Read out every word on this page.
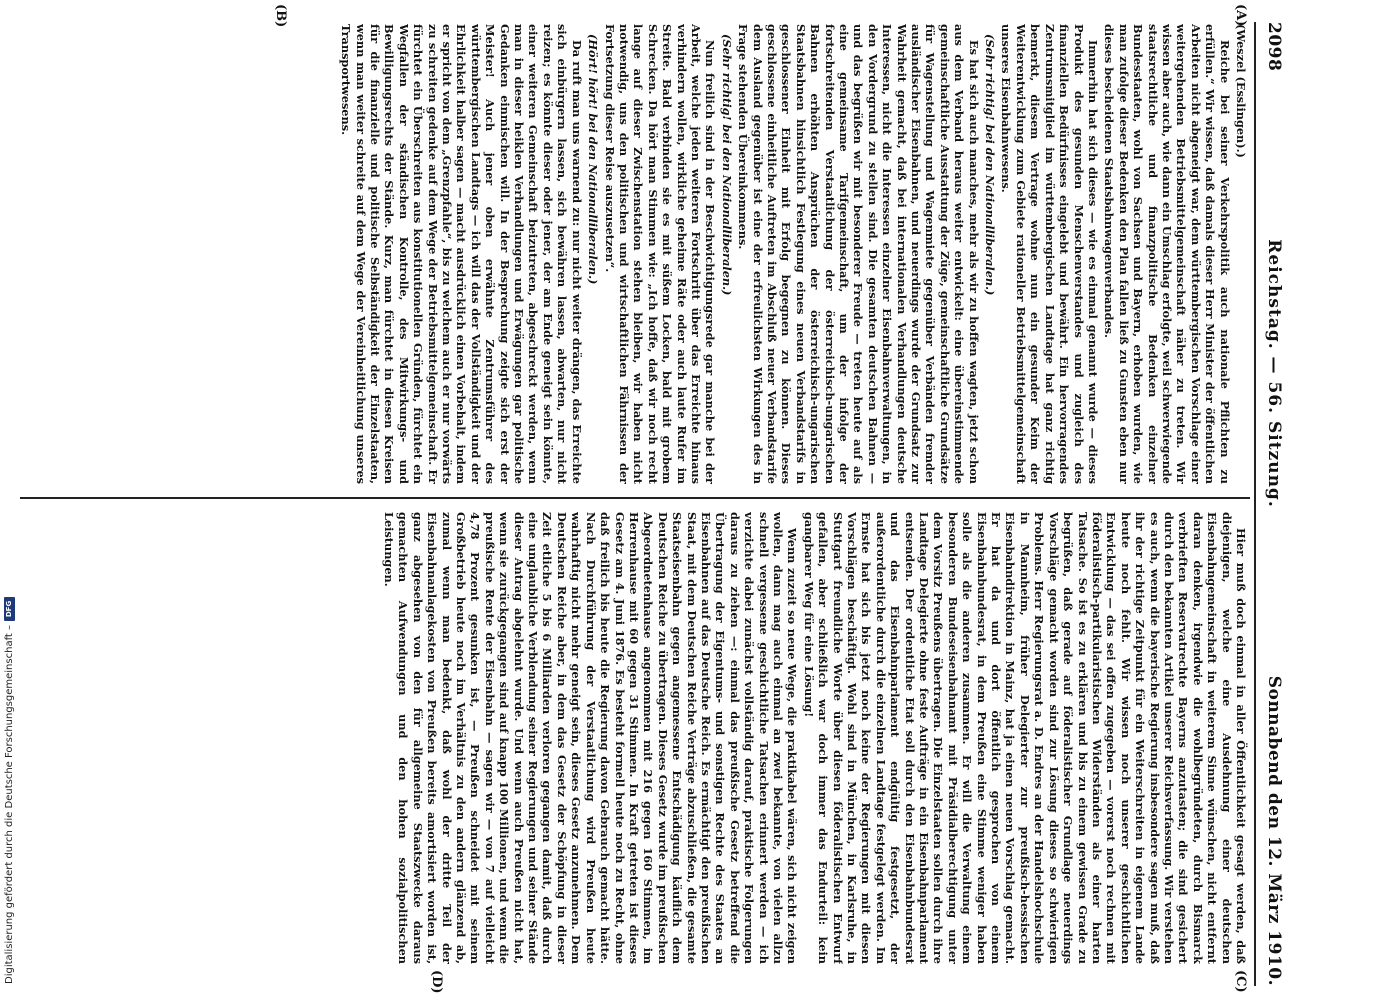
2098
Reichstag. — 56. Sitzung.
Sonnabend den 12. März 1910.
(A)
(B)
(C)
(D)

(Weszel (Esslingen).)

Reiche bei seiner Verkehrspolitik auch nationale Pflichten zu erfüllen.“ Wir wissen, daß damals dieser Herr Minister der öffentlichen Arbeiten nicht abgeneigt war, dem württembergischen Vorschlage einer weitergehenden Betriebsmittelgemeinschaft näher zu treten. Wir wissen aber auch, wie dann ein Umschlag erfolgte, weil schwerwiegende staatsrechtliche und finanzpolitische Bedenken einzelner Bundesstaaten, wohl von Sachsen und Bayern, erhoben wurden, wie man zufolge dieser Bedenken den Plan fallen ließ zu Gunsten eben nur dieses bescheidenen Staatsbahnwagenverbandes.

Immerhin hat sich dieses — wie es einmal genannt wurde — dieses Produkt des gesunden Menschenverstandes und zugleich des finanziellen Bedürfnisses eingelebt und bewährt. Ein hervorragendes Zentrumsmitglied im württembergischen Landtage hat ganz richtig bemerkt, diesem Vertrage wohne nun ein gesunder Keim der Weiterentwicklung zum Gebiete rationeller Betriebsmittelgemeinschaft unseres Eisenbahnwesens.

(Sehr richtig! bei den Nationalliberalen.)

Es hat sich auch manches, mehr als wir zu hoffen wagten, jetzt schon aus dem Verband heraus weiter entwickelt: eine übereinstimmende gemeinschaftliche Ausstattung der Züge, gemeinschaftliche Grundsätze für Wagenstellung und Wagenmiete gegenüber Verbänden fremder ausländischer Eisenbahnen, und neuerdings wurde der Grundsatz zur Wahrheit gemacht, daß bei internationalen Verhandlungen deutsche Interessen, nicht die Interessen einzelner Eisenbahnverwaltungen, in den Vordergrund zu stellen sind. Die gesamten deutschen Bahnen — und das begrüßen wir mit besonderer Freude — treten heute auf als eine gemeinsame Tarifgemeinschaft, um der infolge der fortschreitenden Verstaatlichung der österreichisch-ungarischen Bahnen erhöhten Ansprüchen der österreichisch-ungarischen Staatsbahnen hinsichtlich Festlegung eines neuen Verbandstarifs in geschlossener Einheit mit Erfolg begegnen zu können. Dieses geschlossene einheitliche Auftreten im Abschluß neuer Verbandstarife dem Ausland gegenüber ist eine der erfreulichsten Wirkungen des in Frage stehenden Übereinkommens.

(Sehr richtig! bei den Nationalliberalen.)

Nun freilich sind in der Beschwichtigungsrede gar manche bei der Arbeit, welche jeden weiteren Fortschritt über das Erreichte hinaus verhindern wollen, wirkliche geheime Räte oder auch laute Rufer im Streite. Bald verbinden sie es mit süßem Locken, bald mit grobem Schrecken. Da hört man Stimmen wie: „Ich hoffe, daß wir noch recht lange auf dieser Zwischenstation stehen bleiben, wir haben nicht notwendig, uns den politischen und wirtschaftlichen Fährnissen der Fortsetzung dieser Reise auszusetzen“.

(Hört! hört! bei den Nationalliberalen.)

Da ruft man uns warnend zu: nur nicht weiter drängen, das Erreichte sich einbürgern lassen, sich bewähren lassen, abwarten, nur nicht reizen; es könnte dieser oder jener, der am Ende geneigt sein könnte, einer weiteren Gemeinschaft beizutreten, abgeschreckt werden, wenn man in dieser heiklen Verhandlungen und Erwägungen gar politische Gedanken einmischen will. In der Besprechung zeigte sich erst der Meister! Auch jener oben erwähnte Zentrumsführer des württembergischen Landtags — ich will das der Vollständigkeit und der Ehrlichkeit halber sagen — macht ausdrücklich einen Vorbehalt, indem er spricht von dem „Grenzpfahle“, bis zu welchem auch er nur vorwärts zu schreiten gedenke auf dem Wege der Betriebsmittelgemeinschaft. Er fürchtet ein Überschreiten aus konstitutionellen Gründen, fürchtet ein Wegfallen der ständischen Kontrolle, des Mitwirkungs- und Bewilligungsrechts der Stände. Kurz, man fürchtet in diesen Kreisen für die finanzielle und politische Selbständigkeit der Einzelstaaten, wenn man weiter schreite auf dem Wege der Vereinheitlichung unseres Transportwesens.

Hier muß doch einmal in aller Öffentlichkeit gesagt werden, daß diejenigen, welche eine Ausdehnung einer deutschen Eisenbahngemeinschaft in weiterem Sinne wünschen, nicht entfernt daran denken, irgendwie die wohlbegründeten, durch Bismarck verbrieften Reservatrechte Bayerns anzutasten; die sind gesichert durch den bekannten Artikel unserer Reichsverfassung. Wir verstehen es auch, wenn die bayerische Regierung insbesondere sagen muß, daß ihr der richtige Zeitpunkt für ein Weiterschreiten in eigenem Lande heute noch fehlt. Wir wissen noch unserer geschichtlichen Entwicklung — das sei offen zugegeben — vorerst noch rechnen mit föderalistisch-partikularistischen Widerständen als einer harten Tatsache. So ist es zu erklären und bis zu einem gewissen Grade zu begrüßen, daß gerade auf föderalistischer Grundlage neuerdings Vorschläge gemacht worden sind zur Lösung dieses so schwierigen Problems. Herr Regierungsrat a. D. Endres an der Handelshochschule in Mannheim, früher Delegierter zur preußisch-hessischen Eisenbahndirektion in Mainz, hat ja einen neuen Vorschlag gemacht. Er hat da und dort öffentlich gesprochen von einem Eisenbahnbundesrat, in dem Preußen eine Stimme weniger haben solle als die anderen zusammen. Er will die Verwaltung einem besonderen Bundeseisenbahnamt mit Präsidialberechtigung unter dem Vorsitz Preußens übertragen. Die Einzelstaaten sollen durch ihre Landtage Delegierte ohne feste Aufträge in ein Eisenbahnparlament entsenden. Der ordentliche Etat soll durch den Eisenbahnbundesrat und das Eisenbahnparlament endgültig festgesetzt, der außerordentliche durch die einzelnen Landtage festgelegt werden. Im Ernste hat sich bis jetzt noch keine der Regierungen mit diesen Vorschlägen beschäftigt. Wohl sind in München, in Karlsruhe, in Stuttgart freundliche Worte über diesen föderalistischen Entwurf gefallen, aber schließlich war doch immer das Endurteil: kein gangbarer Weg für eine Lösung!

Wenn zuzeit so neue Wege, die praktikabel wären, sich nicht zeigen wollen, dann mag auch einmal an zwei bekannte, von vielen allzu schnell vergessene geschichtliche Tatsachen erinnert werden — ich verzichte dabei zunächst vollständig darauf, praktische Folgerungen daraus zu ziehen —: einmal das preußische Gesetz betreffend die Übertragung der Eigentums- und sonstigen Rechte des Staates an Eisenbahnen auf das Deutsche Reich. Es ermächtigt den preußischen Staat, mit dem Deutschen Reiche Verträge abzuschließen, die gesamte Staatseisenbahn gegen angemessene Entschädigung käuflich dem Deutschen Reiche zu übertragen. Dieses Gesetz wurde im preußischen Abgeordnetenhause angenommen mit 216 gegen 160 Stimmen, im Herrenhause mit 60 gegen 31 Stimmen. In Kraft getreten ist dieses Gesetz am 4. Juni 1876. Es besteht formell heute noch zu Recht, ohne daß freilich bis heute die Regierung davon Gebrauch gemacht hätte. Nach Durchführung der Verstaatlichung wird Preußen heute wahrhaftig nicht mehr geneigt sein, dieses Gesetz anzunehmen. Dem Deutschen Reiche aber, in dem das Gesetz der Schöpfung in dieser Zeit etliche 5 bis 6 Milliarden verloren gegangen damit, daß durch eine unglaubliche Verblendung seiner Regierungen und seiner Stände dieser Antrag abgelehnt wurde. Und wenn auch Preußen nicht hat, wenn sie zurückgegangen sind auf knapp 100 Millionen, und wenn die preußische Rente der Eisenbahn — sagen wir — von 7 auf vielleicht 4,78 Prozent gesunken ist, — Preußen schneidet mit seinem Großbetrieb heute noch im Verhältnis zu den andern glänzend ab, zumal wenn man bedenkt, daß wohl der dritte Teil der Eisenbahnanlagekosten von Preußen bereits amortisiert worden ist, ganz abgesehen von den für allgemeine Staatszwecke daraus gemachten Aufwendungen und den hohen sozialpolitischen Leistungen.

Digitalisierung gefördert durch die Deutsche Forschungsgemeinschaft –
DFG
